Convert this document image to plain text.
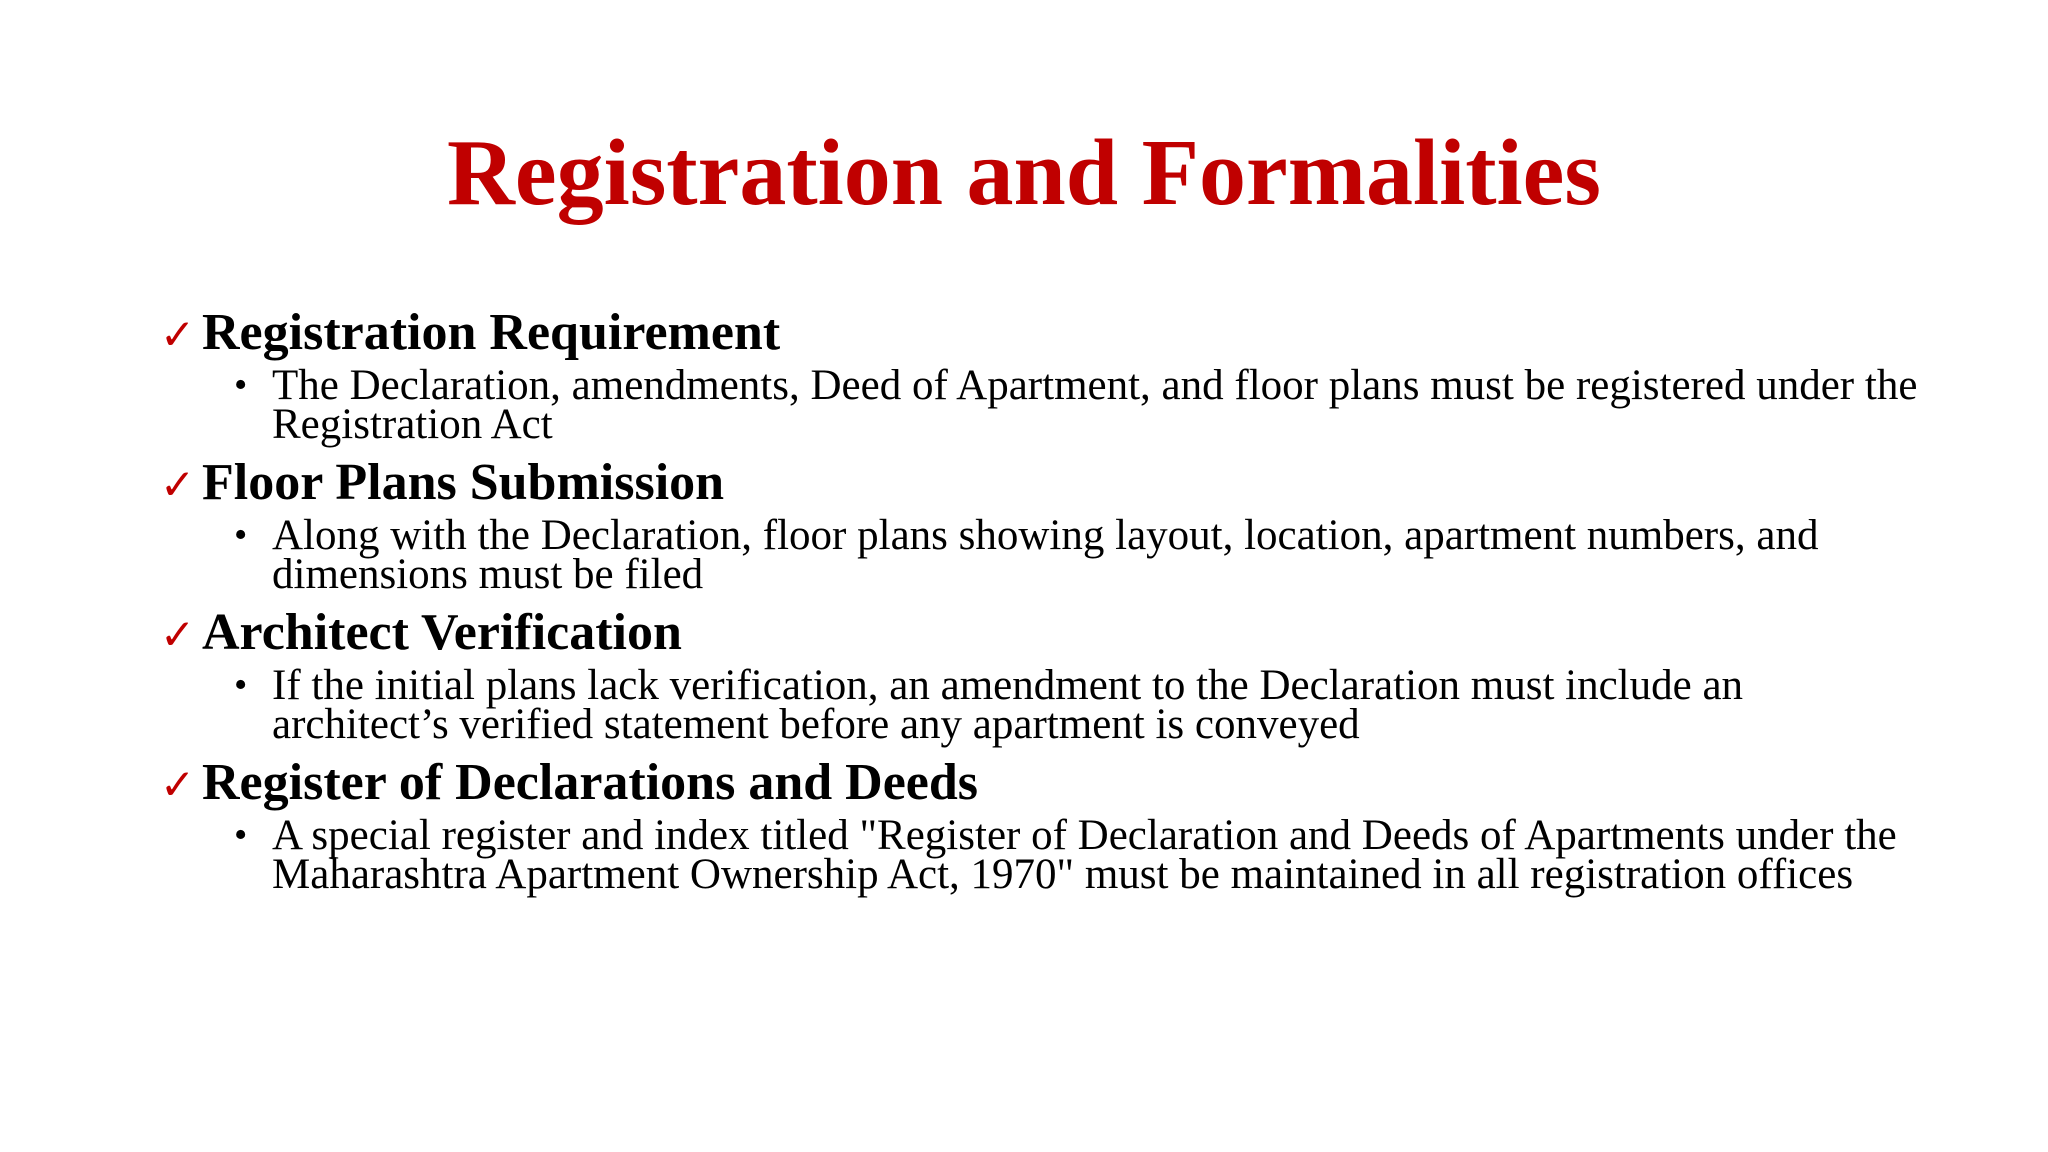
Registration and Formalities
✓ Registration Requirement
• The Declaration, amendments, Deed of Apartment, and floor plans must be registered under the Registration Act
✓ Floor Plans Submission
• Along with the Declaration, floor plans showing layout, location, apartment numbers, and dimensions must be filed
✓ Architect Verification
• If the initial plans lack verification, an amendment to the Declaration must include an architect’s verified statement before any apartment is conveyed
✓ Register of Declarations and Deeds
• A special register and index titled "Register of Declaration and Deeds of Apartments under the Maharashtra Apartment Ownership Act, 1970" must be maintained in all registration offices
